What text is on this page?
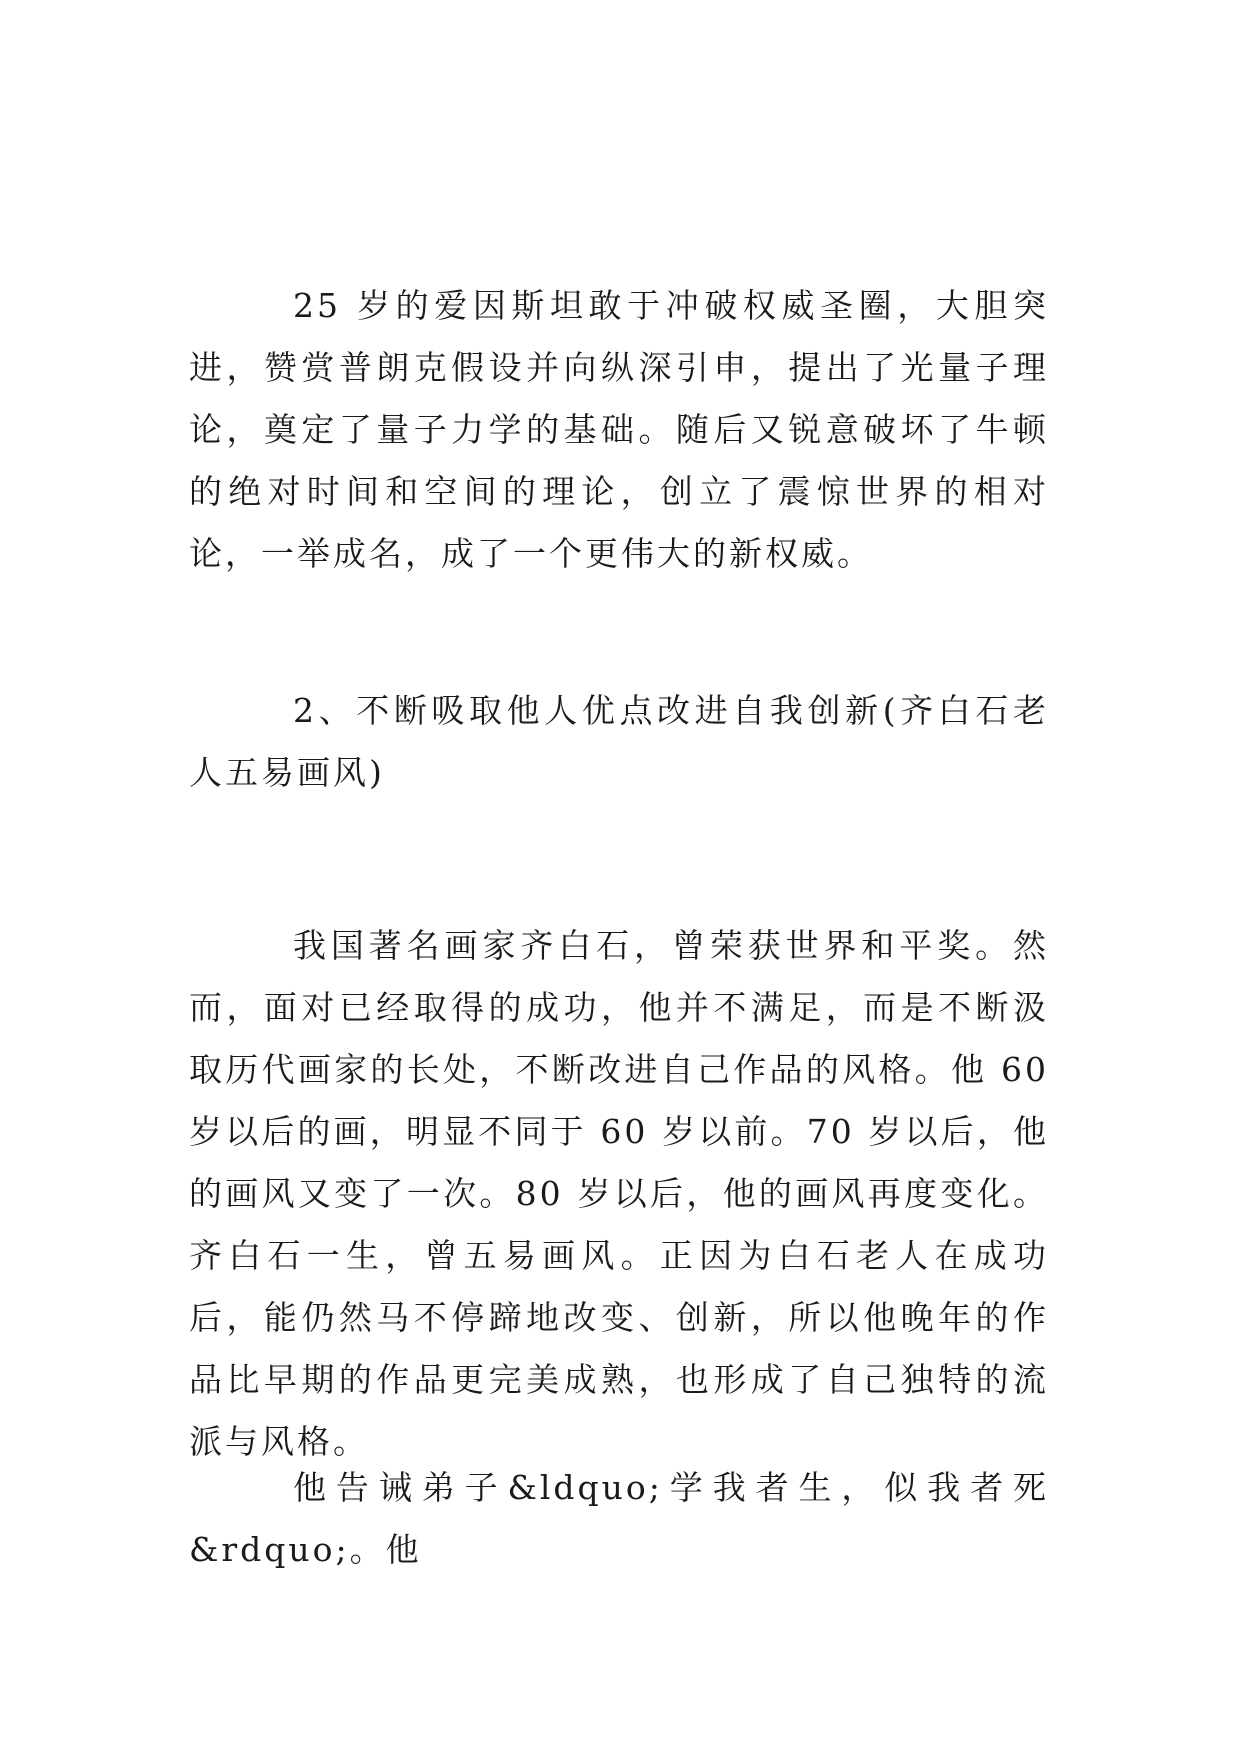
25 岁的爱因斯坦敢于冲破权威圣圈，大胆突进，赞赏普朗克假设并向纵深引申，提出了光量子理论，奠定了量子力学的基础。随后又锐意破坏了牛顿的绝对时间和空间的理论，创立了震惊世界的相对论，一举成名，成了一个更伟大的新权威。

2、不断吸取他人优点改进自我创新(齐白石老人五易画风)

我国著名画家齐白石，曾荣获世界和平奖。然而，面对已经取得的成功，他并不满足，而是不断汲取历代画家的长处，不断改进自己作品的风格。他 60 岁以后的画，明显不同于 60 岁以前。70 岁以后，他的画风又变了一次。80 岁以后，他的画风再度变化。齐白石一生，曾五易画风。正因为白石老人在成功后，能仍然马不停蹄地改变、创新，所以他晚年的作品比早期的作品更完美成熟，也形成了自己独特的流派与风格。

他告诫弟子&ldquo;学我者生，似我者死&rdquo;。他
